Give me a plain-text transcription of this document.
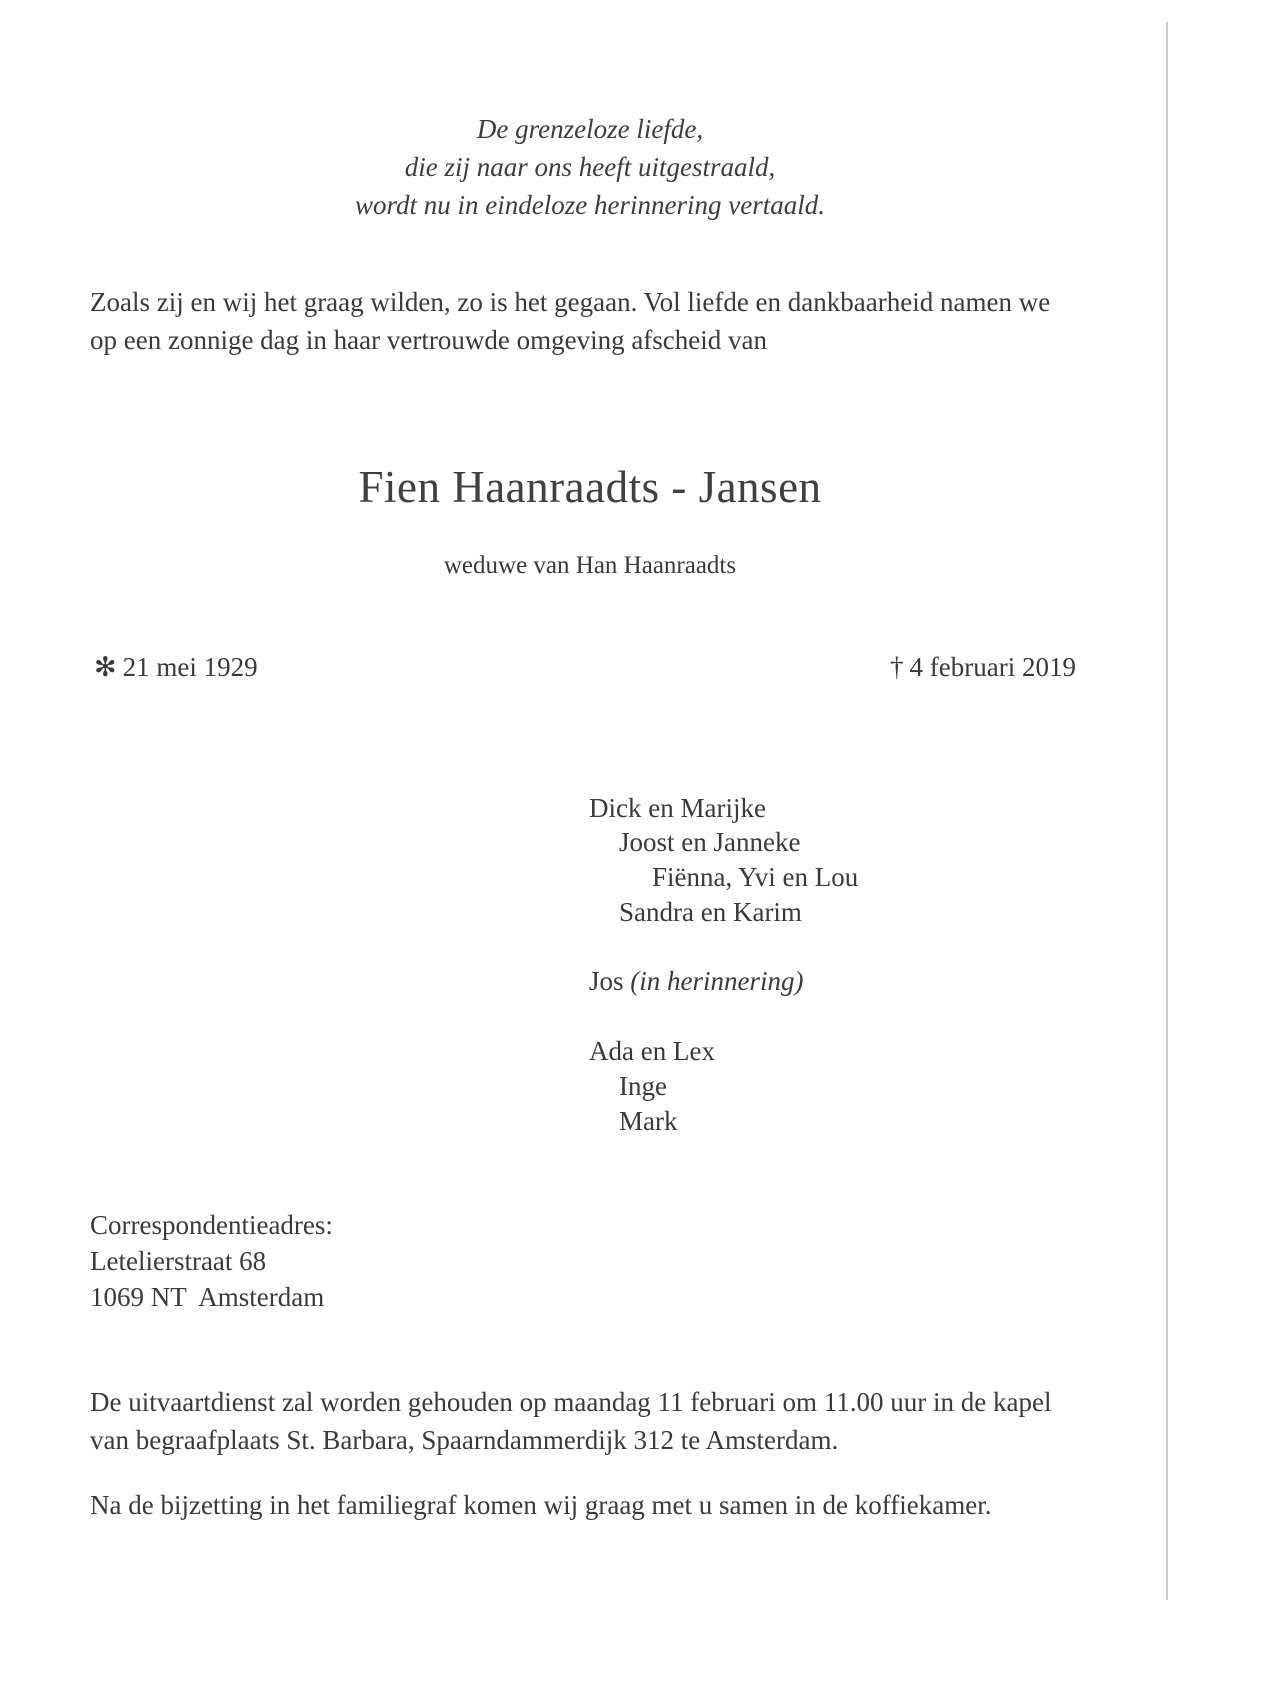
De grenzeloze liefde,
die zij naar ons heeft uitgestraald,
wordt nu in eindeloze herinnering vertaald.
Zoals zij en wij het graag wilden, zo is het gegaan. Vol liefde en dankbaarheid namen we
op een zonnige dag in haar vertrouwde omgeving afscheid van
Fien Haanraadts - Jansen
weduwe van Han Haanraadts
✻ 21 mei 1929	† 4 februari 2019
Dick en Marijke
Joost en Janneke
Fiënna, Yvi en Lou
Sandra en Karim
Jos (in herinnering)
Ada en Lex
Inge
Mark
Correspondentieadres:
Letelierstraat 68
1069 NT  Amsterdam
De uitvaartdienst zal worden gehouden op maandag 11 februari om 11.00 uur in de kapel
van begraafplaats St. Barbara, Spaarndammerdijk 312 te Amsterdam.
Na de bijzetting in het familiegraf komen wij graag met u samen in de koffiekamer.
